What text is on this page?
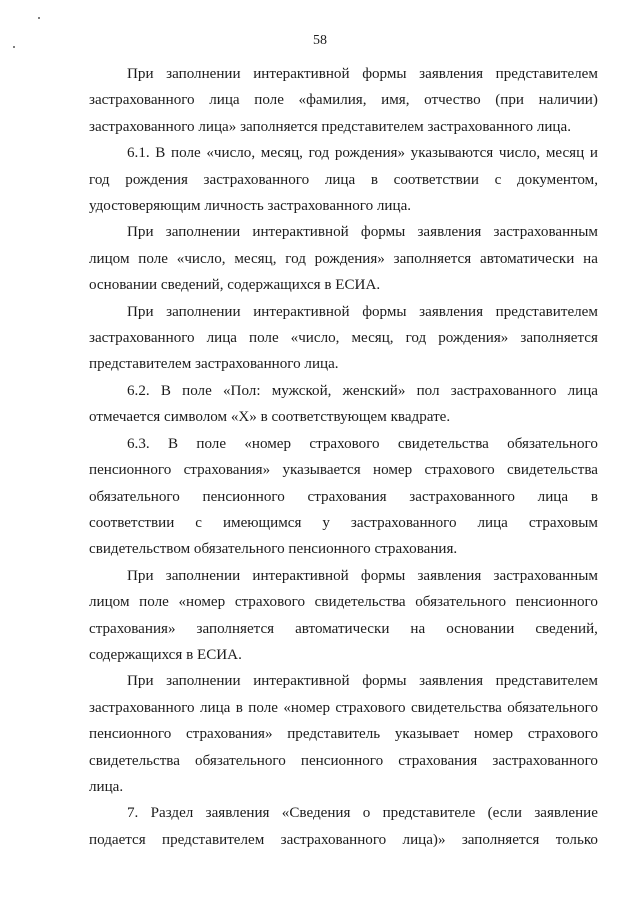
58
При заполнении интерактивной формы заявления представителем
застрахованного лица поле «фамилия, имя, отчество (при наличии)
застрахованного лица» заполняется представителем застрахованного лица.
6.1. В поле «число, месяц, год рождения» указываются число, месяц и
год рождения застрахованного лица в соответствии с документом,
удостоверяющим личность застрахованного лица.
При заполнении интерактивной формы заявления застрахованным
лицом поле «число, месяц, год рождения» заполняется автоматически на
основании сведений, содержащихся в ЕСИА.
При заполнении интерактивной формы заявления представителем
застрахованного лица поле «число, месяц, год рождения» заполняется
представителем застрахованного лица.
6.2. В поле «Пол: мужской, женский» пол застрахованного лица
отмечается символом «Х» в соответствующем квадрате.
6.3. В поле «номер страхового свидетельства обязательного
пенсионного страхования» указывается номер страхового свидетельства
обязательного пенсионного страхования застрахованного лица в
соответствии с имеющимся у застрахованного лица страховым
свидетельством обязательного пенсионного страхования.
При заполнении интерактивной формы заявления застрахованным
лицом поле «номер страхового свидетельства обязательного пенсионного
страхования» заполняется автоматически на основании сведений,
содержащихся в ЕСИА.
При заполнении интерактивной формы заявления представителем
застрахованного лица в поле «номер страхового свидетельства обязательного
пенсионного страхования» представитель указывает номер страхового
свидетельства обязательного пенсионного страхования застрахованного
лица.
7. Раздел заявления «Сведения о представителе (если заявление
подается представителем застрахованного лица)» заполняется только
